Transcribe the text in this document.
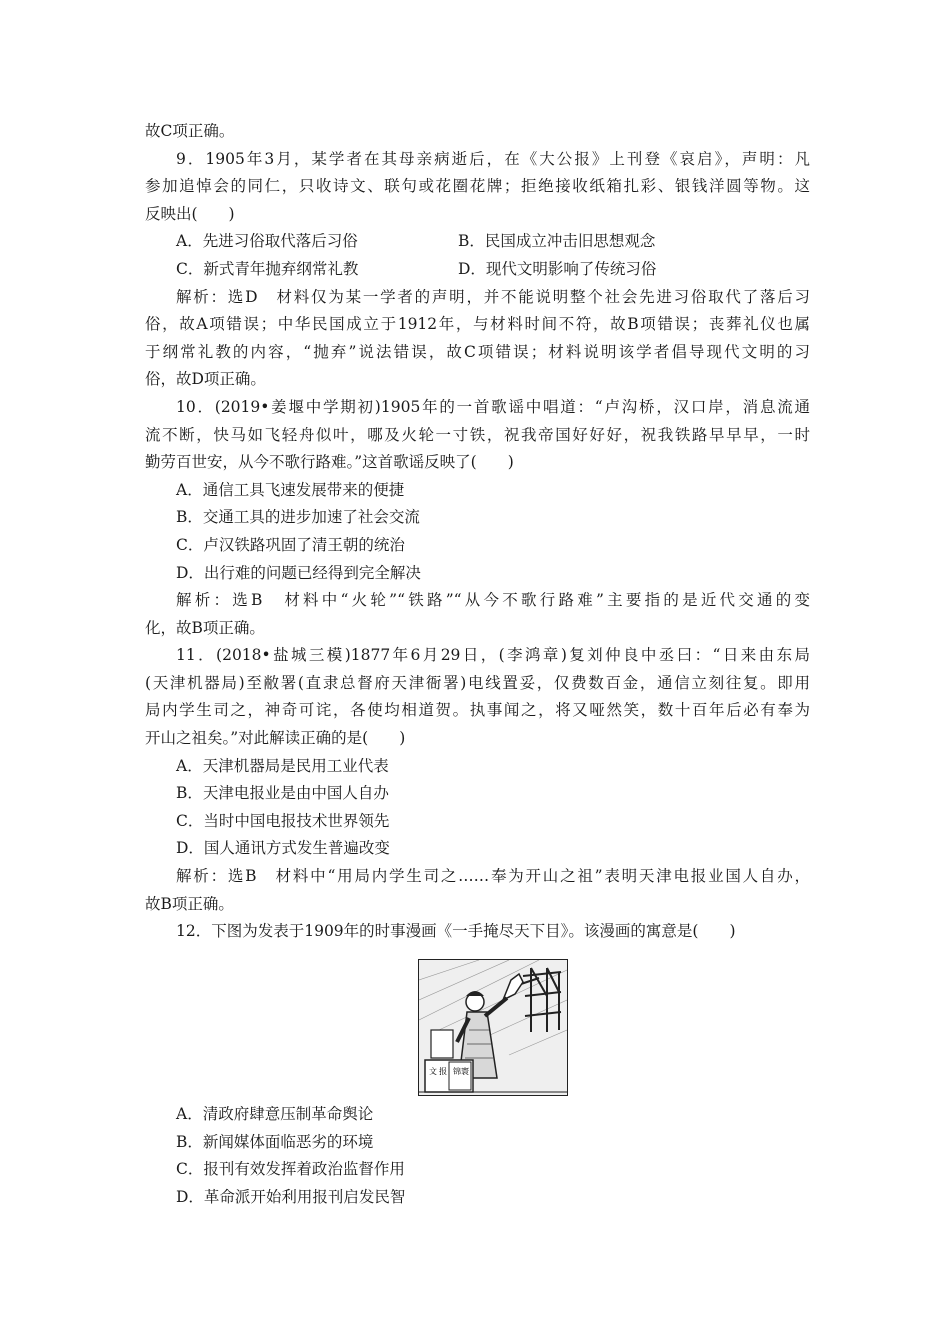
故C项正确。
9．1905年3月，某学者在其母亲病逝后，在《大公报》上刊登《哀启》，声明：凡
参加追悼会的同仁，只收诗文、联句或花圈花牌；拒绝接收纸箱扎彩、银钱洋圆等物。这
反映出(　　)
A．先进习俗取代落后习俗	B．民国成立冲击旧思想观念
C．新式青年抛弃纲常礼教	D．现代文明影响了传统习俗
解析：选D　材料仅为某一学者的声明，并不能说明整个社会先进习俗取代了落后习
俗，故A项错误；中华民国成立于1912年，与材料时间不符，故B项错误；丧葬礼仪也属
于纲常礼教的内容，“抛弃”说法错误，故C项错误；材料说明该学者倡导现代文明的习
俗，故D项正确。
10．(2019•姜堰中学期初)1905年的一首歌谣中唱道：“卢沟桥，汉口岸，消息流通
流不断，快马如飞轻舟似叶，哪及火轮一寸铁，祝我帝国好好好，祝我铁路早早早，一时
勤劳百世安，从今不歌行路难。”这首歌谣反映了(　　)
A．通信工具飞速发展带来的便捷
B．交通工具的进步加速了社会交流
C．卢汉铁路巩固了清王朝的统治
D．出行难的问题已经得到完全解决
解析：选B　材料中“火轮”“铁路”“从今不歌行路难”主要指的是近代交通的变
化，故B项正确。
11．(2018•盐城三模)1877年6月29日，(李鸿章)复刘仲良中丞曰：“日来由东局
(天津机器局)至敝署(直隶总督府天津衙署)电线置妥，仅费数百金，通信立刻往复。即用
局内学生司之，神奇可诧，各使均相道贺。执事闻之，将又哑然笑，数十百年后必有奉为
开山之祖矣。”对此解读正确的是(　　)
A．天津机器局是民用工业代表
B．天津电报业是由中国人自办
C．当时中国电报技术世界领先
D．国人通讯方式发生普遍改变
解析：选B　材料中“用局内学生司之……奉为开山之祖”表明天津电报业国人自办，
故B项正确。
12．下图为发表于1909年的时事漫画《一手掩尽天下目》。该漫画的寓意是(　　)
文 报 锦 寰
A．清政府肆意压制革命舆论
B．新闻媒体面临恶劣的环境
C．报刊有效发挥着政治监督作用
D．革命派开始利用报刊启发民智
